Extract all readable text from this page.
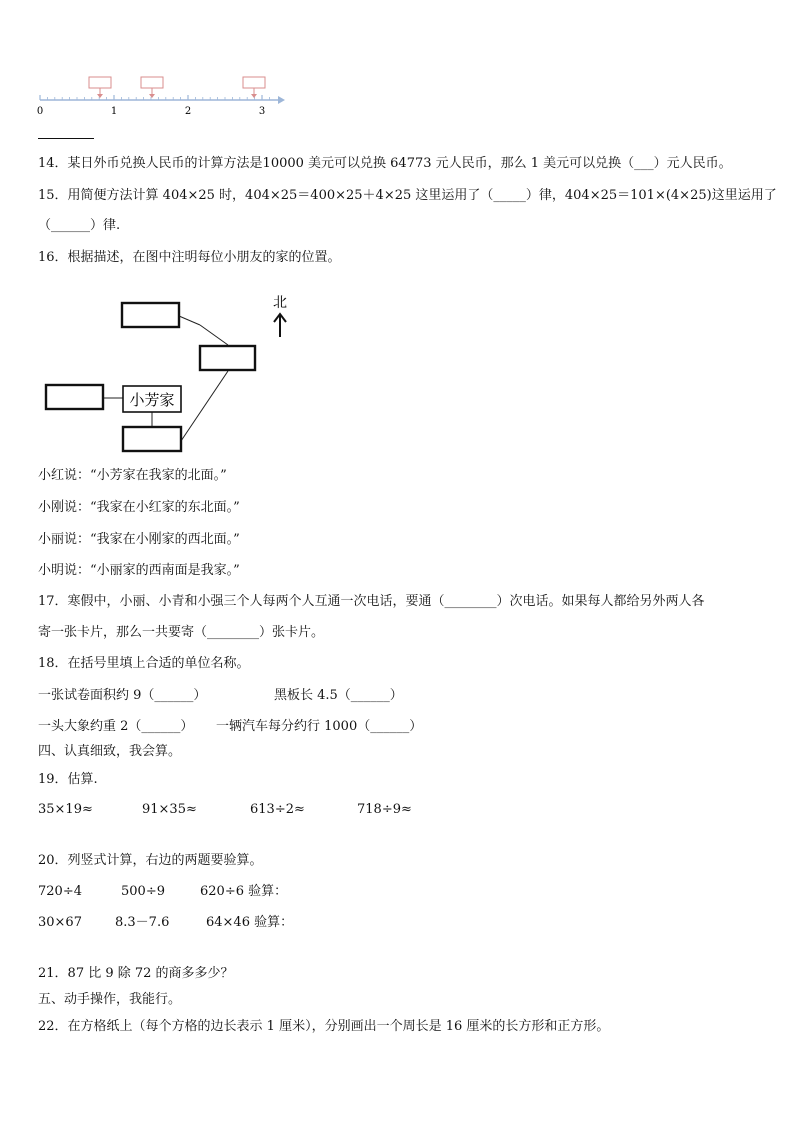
0	1	2	3
14．某日外币兑换人民币的计算方法是10000 美元可以兑换 64773 元人民币，那么 1 美元可以兑换（___）元人民币。
15．用简便方法计算 404×25 时，404×25＝400×25＋4×25 这里运用了（_____）律，404×25＝101×(4×25)这里运用了
（______）律.
16．根据描述，在图中注明每位小朋友的家的位置。
小芳家
北
小红说：“小芳家在我家的北面。”
小刚说：“我家在小红家的东北面。”
小丽说：“我家在小刚家的西北面。”
小明说：“小丽家的西南面是我家。”
17．寒假中，小丽、小青和小强三个人每两个人互通一次电话，要通（________）次电话。如果每人都给另外两人各
寄一张卡片，那么一共要寄（________）张卡片。
18．在括号里填上合适的单位名称。
一张试卷面积约 9（______）	黑板长 4.5（______）
一头大象约重 2（______） 一辆汽车每分约行 1000（______）
四、认真细致，我会算。
19．估算.
35×19≈	91×35≈	613÷2≈	718÷9≈
20．列竖式计算，右边的两题要验算。
720÷4	500÷9	620÷6 验算：
30×67	8.3－7.6	64×46 验算：
21．87 比 9 除 72 的商多多少？
五、动手操作，我能行。
22．在方格纸上（每个方格的边长表示 1 厘米），分别画出一个周长是 16 厘米的长方形和正方形。
